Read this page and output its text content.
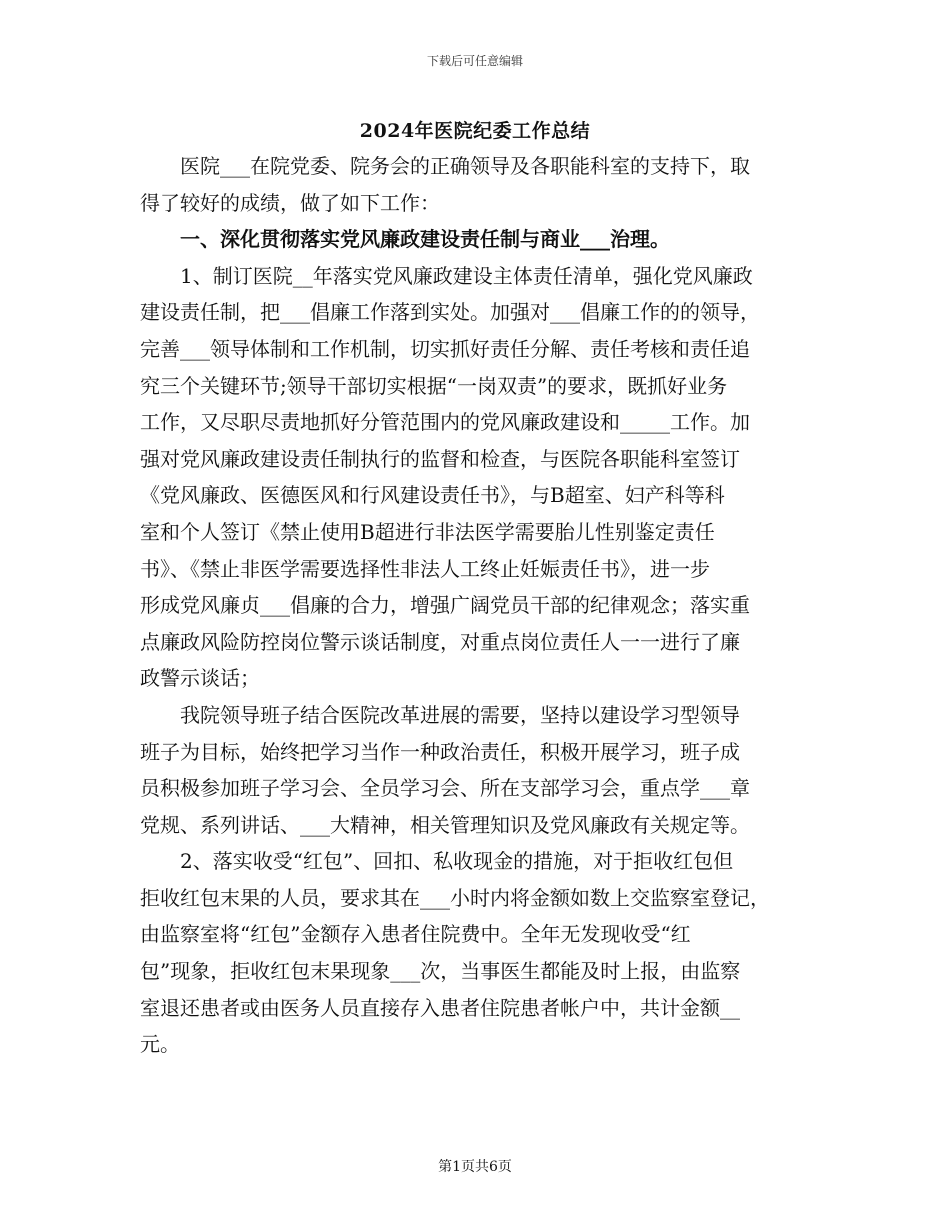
下载后可任意编辑
2024年医院纪委工作总结
　　医院___在院党委、院务会的正确领导及各职能科室的支持下，取
得了较好的成绩，做了如下工作：
　　一、深化贯彻落实党风廉政建设责任制与商业___治理。
　　1、制订医院__年落实党风廉政建设主体责任清单，强化党风廉政
建设责任制，把___倡廉工作落到实处。加强对___倡廉工作的的领导，
完善___领导体制和工作机制，切实抓好责任分解、责任考核和责任追
究三个关键环节;领导干部切实根据“一岗双责”的要求，既抓好业务
工作，又尽职尽责地抓好分管范围内的党风廉政建设和_____工作。加
强对党风廉政建设责任制执行的监督和检查，与医院各职能科室签订
《党风廉政、医德医风和行风建设责任书》，与B超室、妇产科等科
室和个人签订《禁止使用B超进行非法医学需要胎儿性别鉴定责任
书》、《禁止非医学需要选择性非法人工终止妊娠责任书》，进一步
形成党风廉贞___倡廉的合力，增强广阔党员干部的纪律观念；落实重
点廉政风险防控岗位警示谈话制度，对重点岗位责任人一一进行了廉
政警示谈话；
　　我院领导班子结合医院改革进展的需要，坚持以建设学习型领导
班子为目标，始终把学习当作一种政治责任，积极开展学习，班子成
员积极参加班子学习会、全员学习会、所在支部学习会，重点学___章
党规、系列讲话、___大精神，相关管理知识及党风廉政有关规定等。
　　2、落实收受“红包”、回扣、私收现金的措施，对于拒收红包但
拒收红包末果的人员，要求其在___小时内将金额如数上交监察室登记，
由监察室将“红包”金额存入患者住院费中。全年无发现收受“红
包”现象，拒收红包末果现象___次，当事医生都能及时上报，由监察
室退还患者或由医务人员直接存入患者住院患者帐户中，共计金额__
元。
第1页共6页
